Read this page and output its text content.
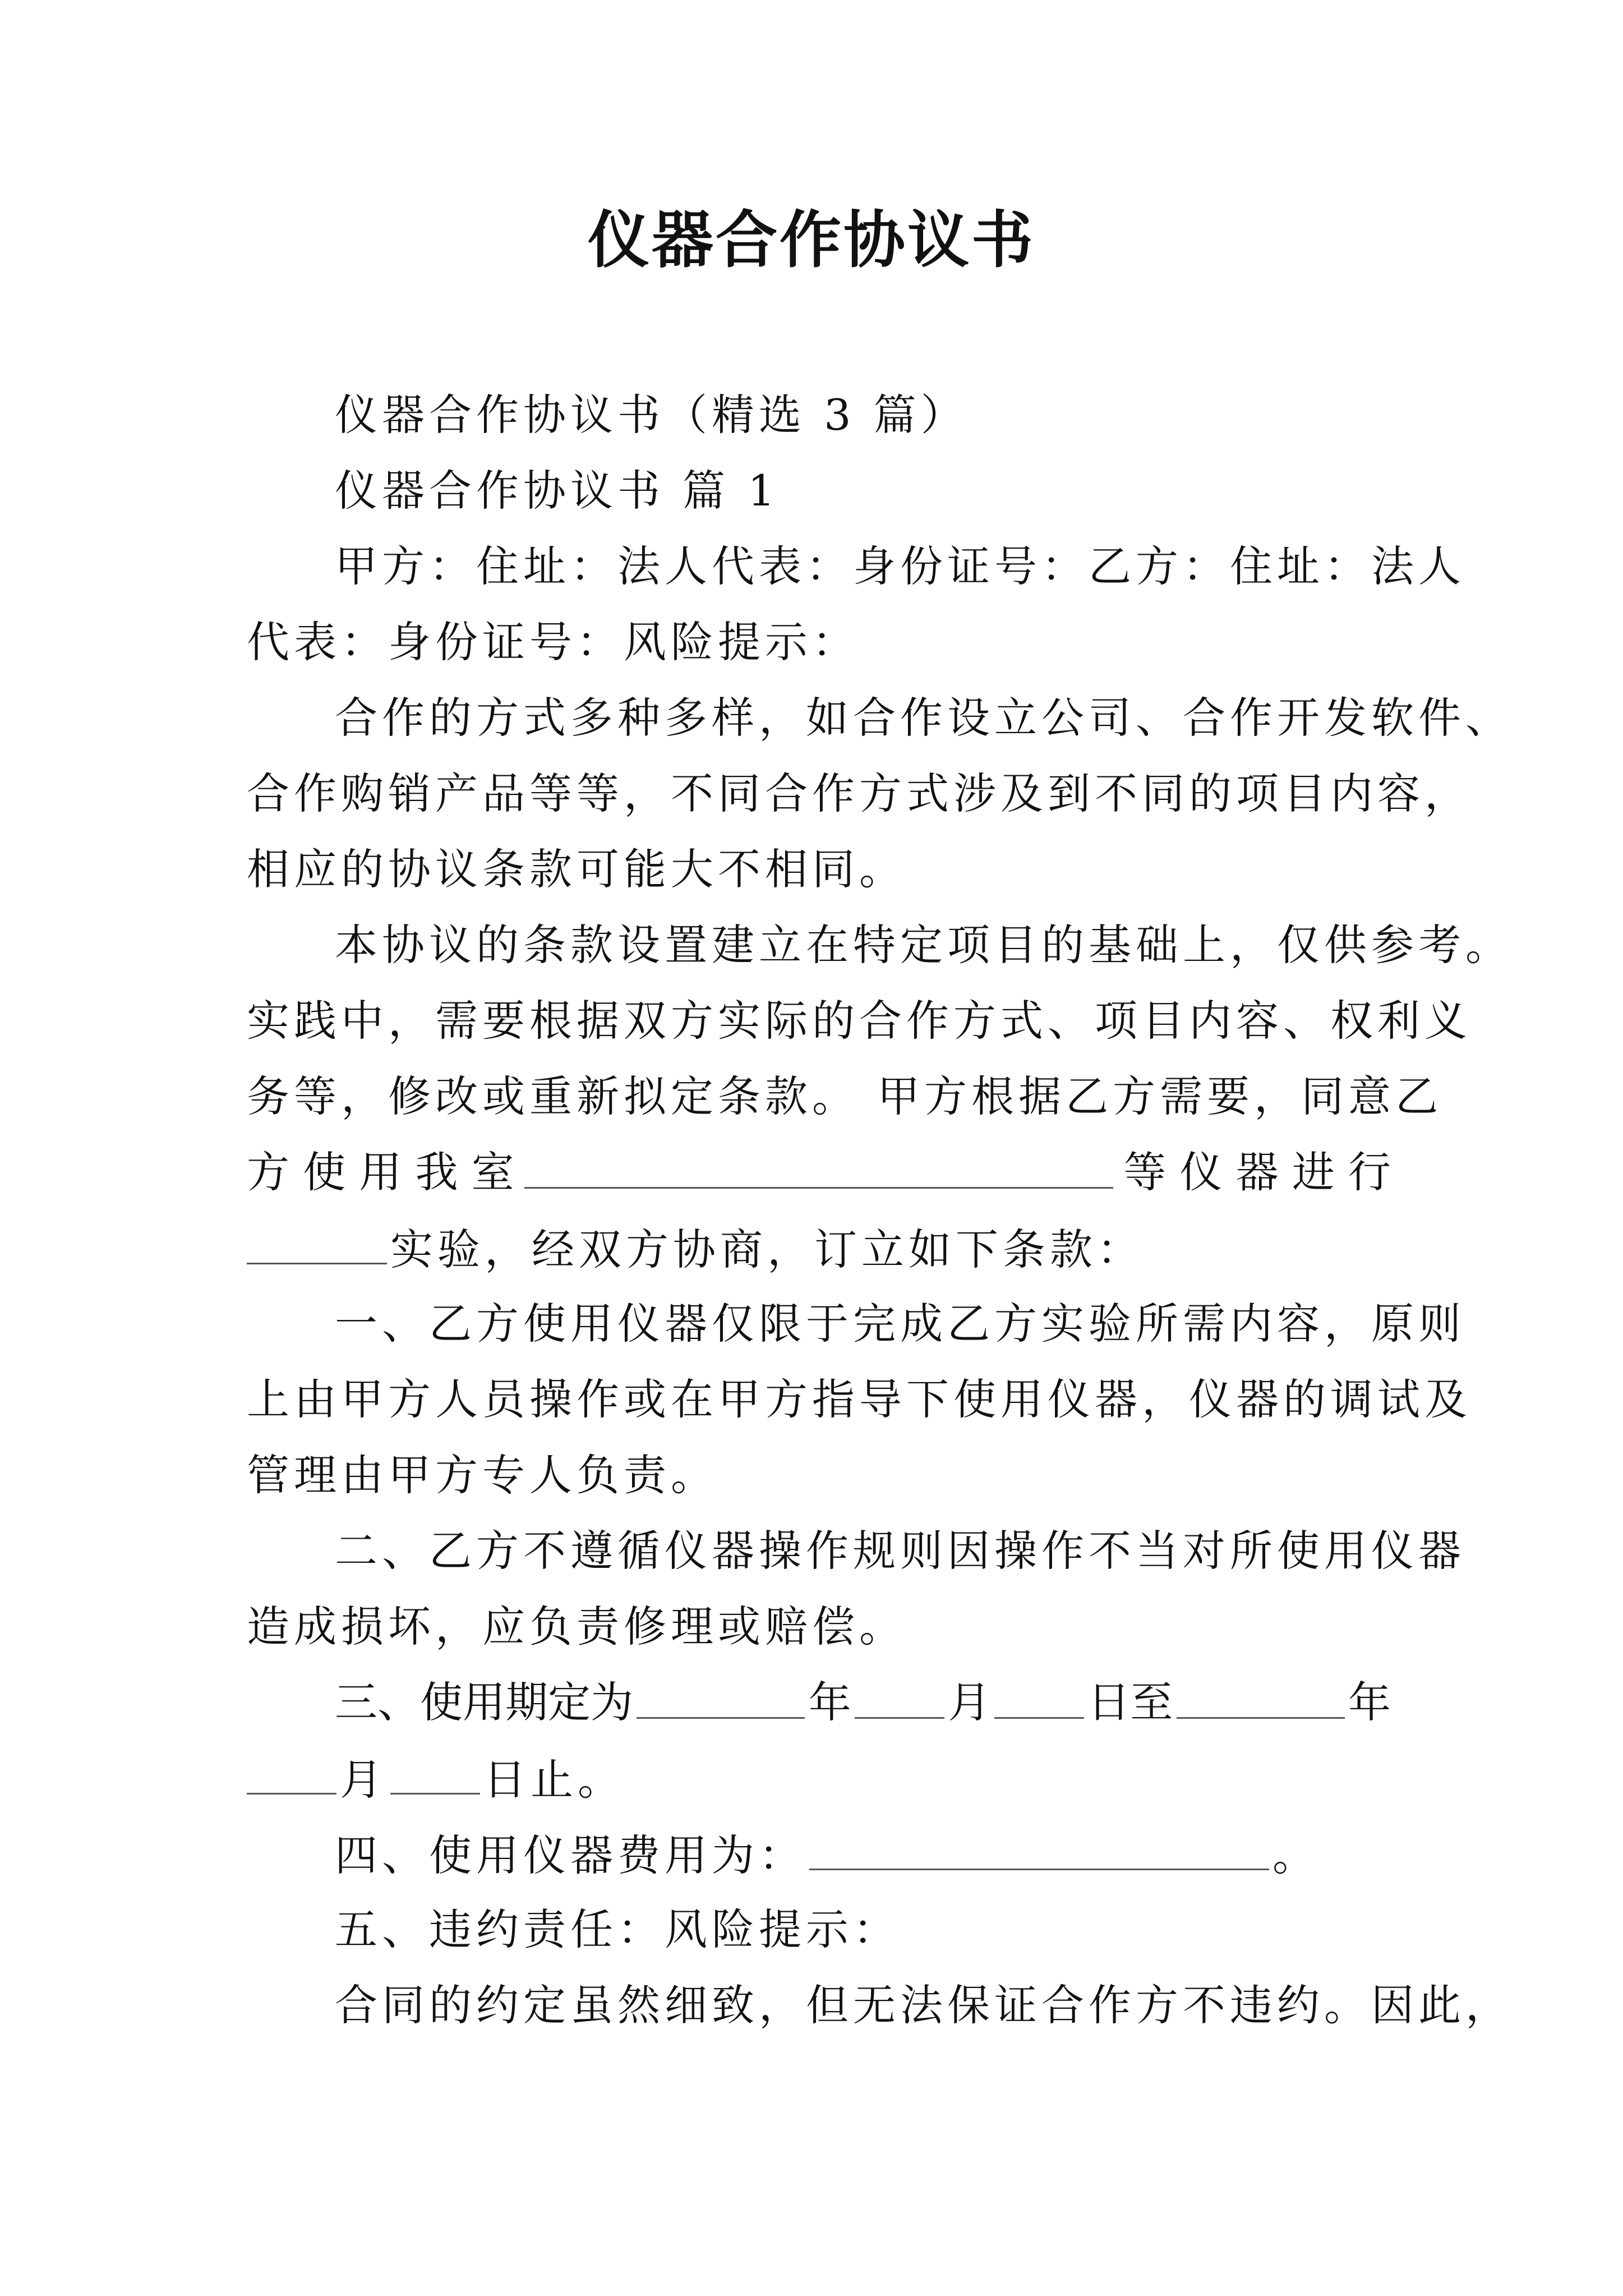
仪器合作协议书
仪器合作协议书（精选 3 篇）
仪器合作协议书 篇 1
甲方：住址：法人代表：身份证号：乙方：住址：法人
代表：身份证号：风险提示：
合作的方式多种多样，如合作设立公司、合作开发软件、
合作购销产品等等，不同合作方式涉及到不同的项目内容，
相应的协议条款可能大不相同。
本协议的条款设置建立在特定项目的基础上，仅供参考。
实践中，需要根据双方实际的合作方式、项目内容、权利义
务等，修改或重新拟定条款。 甲方根据乙方需要，同意乙
方 使 用 我 室	等 仪 器 进 行
实验，经双方协商，订立如下条款：
一、乙方使用仪器仅限于完成乙方实验所需内容，原则
上由甲方人员操作或在甲方指导下使用仪器，仪器的调试及
管理由甲方专人负责。
二、乙方不遵循仪器操作规则因操作不当对所使用仪器
造成损坏，应负责修理或赔偿。
三、使用期定为	年 月 日至	年
月 日止。
四、使用仪器费用为：	。
五、违约责任：风险提示：
合同的约定虽然细致，但无法保证合作方不违约。因此，
